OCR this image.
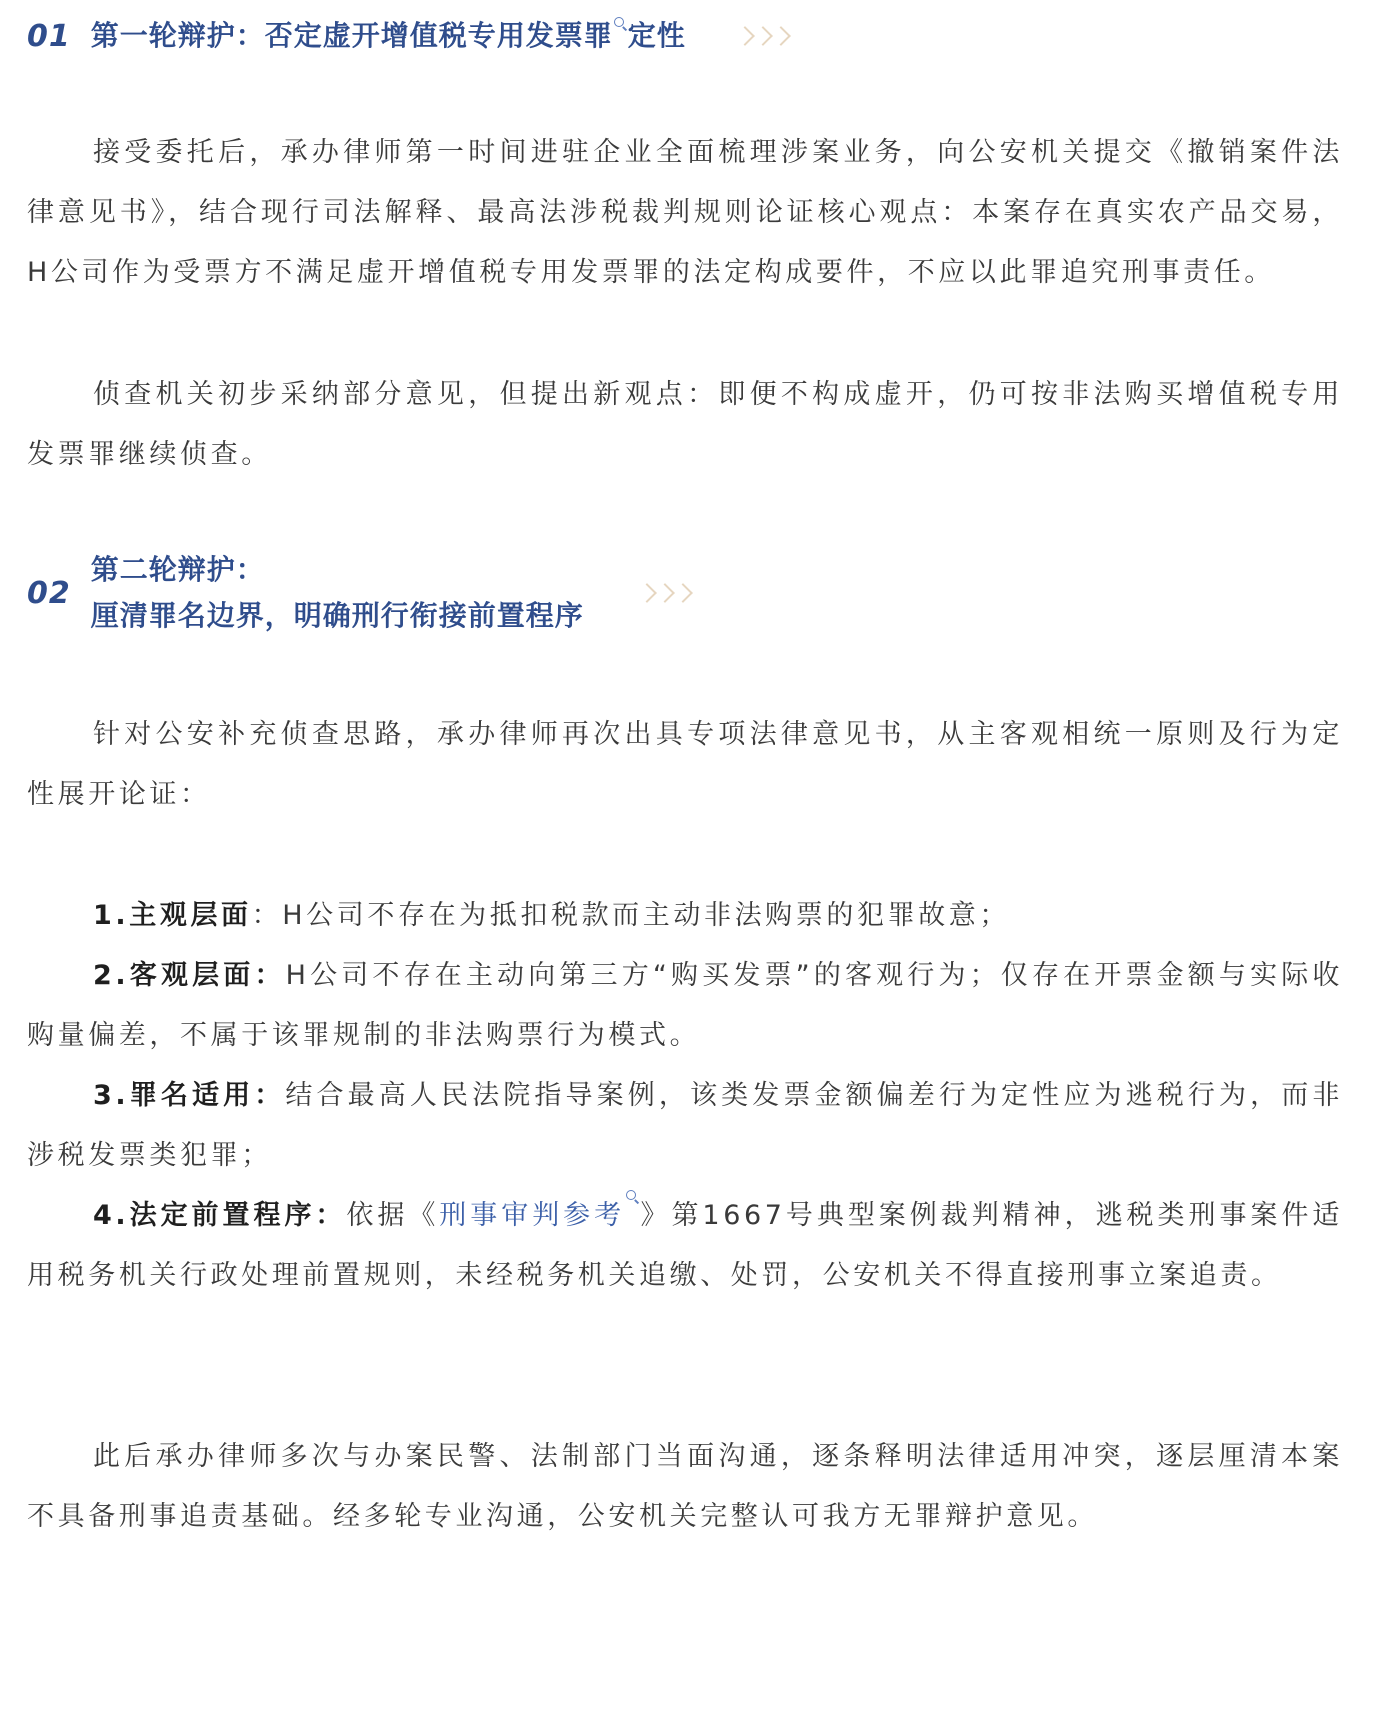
01 第一轮辩护：否定虚开增值税专用发票罪 定性

接受委托后，承办律师第一时间进驻企业全面梳理涉案业务，向公安机关提交《撤销案件法律意见书》，结合现行司法解释、最高法涉税裁判规则论证核心观点：本案存在真实农产品交易，H公司作为受票方不满足虚开增值税专用发票罪的法定构成要件，不应以此罪追究刑事责任。

侦查机关初步采纳部分意见，但提出新观点：即便不构成虚开，仍可按非法购买增值税专用发票罪继续侦查。

02
第二轮辩护：
厘清罪名边界，明确刑行衔接前置程序

针对公安补充侦查思路，承办律师再次出具专项法律意见书，从主客观相统一原则及行为定性展开论证：

1.主观层面：H公司不存在为抵扣税款而主动非法购票的犯罪故意；

2.客观层面：H公司不存在主动向第三方“购买发票”的客观行为；仅存在开票金额与实际收购量偏差，不属于该罪规制的非法购票行为模式。

3.罪名适用：结合最高人民法院指导案例，该类发票金额偏差行为定性应为逃税行为，而非涉税发票类犯罪；

4.法定前置程序：依据《刑事审判参考 》第1667号典型案例裁判精神，逃税类刑事案件适用税务机关行政处理前置规则，未经税务机关追缴、处罚，公安机关不得直接刑事立案追责。

此后承办律师多次与办案民警、法制部门当面沟通，逐条释明法律适用冲突，逐层厘清本案不具备刑事追责基础。经多轮专业沟通，公安机关完整认可我方无罪辩护意见。
